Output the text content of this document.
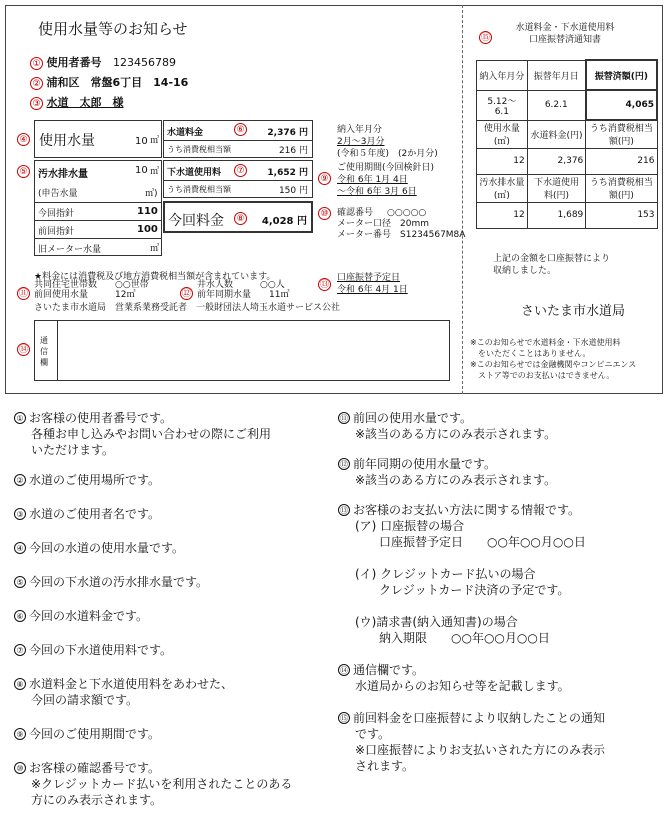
使用水量等のお知らせ
① 使用者番号 123456789
② 浦和区　常盤6丁目　14-16
③ 水道　太郎　様
使用水量	10 ㎥
④
汚水排水量	10 ㎥
(申告水量	㎥)
今回指針	110
前回指針	100
旧メーター水量	㎥
⑤
水道料金	2,376 円
うち消費税相当額	216 円
⑥
下水道使用料	1,652 円
うち消費税相当額	150 円
⑦
今回料金	4,028 円
⑧
納入年月分
2月～3月分
(令和５年度)　(2か月分)
⑨
ご使用期間(今回検針日)
令和 6年 1月 4日
～令和 6年 3月 6日
⑩ 確認番号 ○○○○○
メーター口径　20mm
メーター番号　S1234567M8A
★料金には消費税及び地方消費税相当額が含まれています。
⑪
共同住宅世帯数　　○○世帯
前回使用水量　　　12㎥	⑫
井水人数　　　○○人
前年同期水量　　11㎥
⑬
口座振替予定日
令和 6年 4月 1日
さいたま市水道局　営業系業務受託者　一般財団法人埼玉水道サービス公社
⑭
通信欄
⑮
水道料金・下水道使用料
口座振替済通知書
納入年月分	振替年月日	振替済額(円)
5.12～ 6.1	6.2.1	4,065
使用水量(㎥)	水道料金(円)	うち消費税相当額(円)
12	2,376	216
汚水排水量(㎥)	下水道使用料(円)	うち消費税相当額(円)
12	1,689	153
上記の金額を口座振替により
収納しました。
さいたま市水道局
※このお知らせで水道料金・下水道使用料
　をいただくことはありません。
※このお知らせでは金融機関やコンビニエンス
　ストア等でのお支払いはできません。
① お客様の使用者番号です。
各種お申し込みやお問い合わせの際にご利用
いただけます。
② 水道のご使用場所です。
③ 水道のご使用者名です。
④ 今回の水道の使用水量です。
⑤ 今回の下水道の汚水排水量です。
⑥ 今回の水道料金です。
⑦ 今回の下水道使用料です。
⑧ 水道料金と下水道使用料をあわせた、
今回の請求額です。
⑨ 今回のご使用期間です。
⑩ お客様の確認番号です。
※クレジットカード払いを利用されたことのある
方にのみ表示されます。
⑪ 前回の使用水量です。
※該当のある方にのみ表示されます。
⑫ 前年同期の使用水量です。
※該当のある方にのみ表示されます。
⑬ お客様のお支払い方法に関する情報です。
(ア) 口座振替の場合
　　口座振替予定日　　○○年○○月○○日
(イ) クレジットカード払いの場合
　　クレジットカード決済の予定です。
(ウ)請求書(納入通知書)の場合
　　納入期限　　○○年○○月○○日
⑭ 通信欄です。
水道局からのお知らせ等を記載します。
⑮ 前回料金を口座振替により収納したことの通知
です。
※口座振替によりお支払いされた方にのみ表示
されます。
